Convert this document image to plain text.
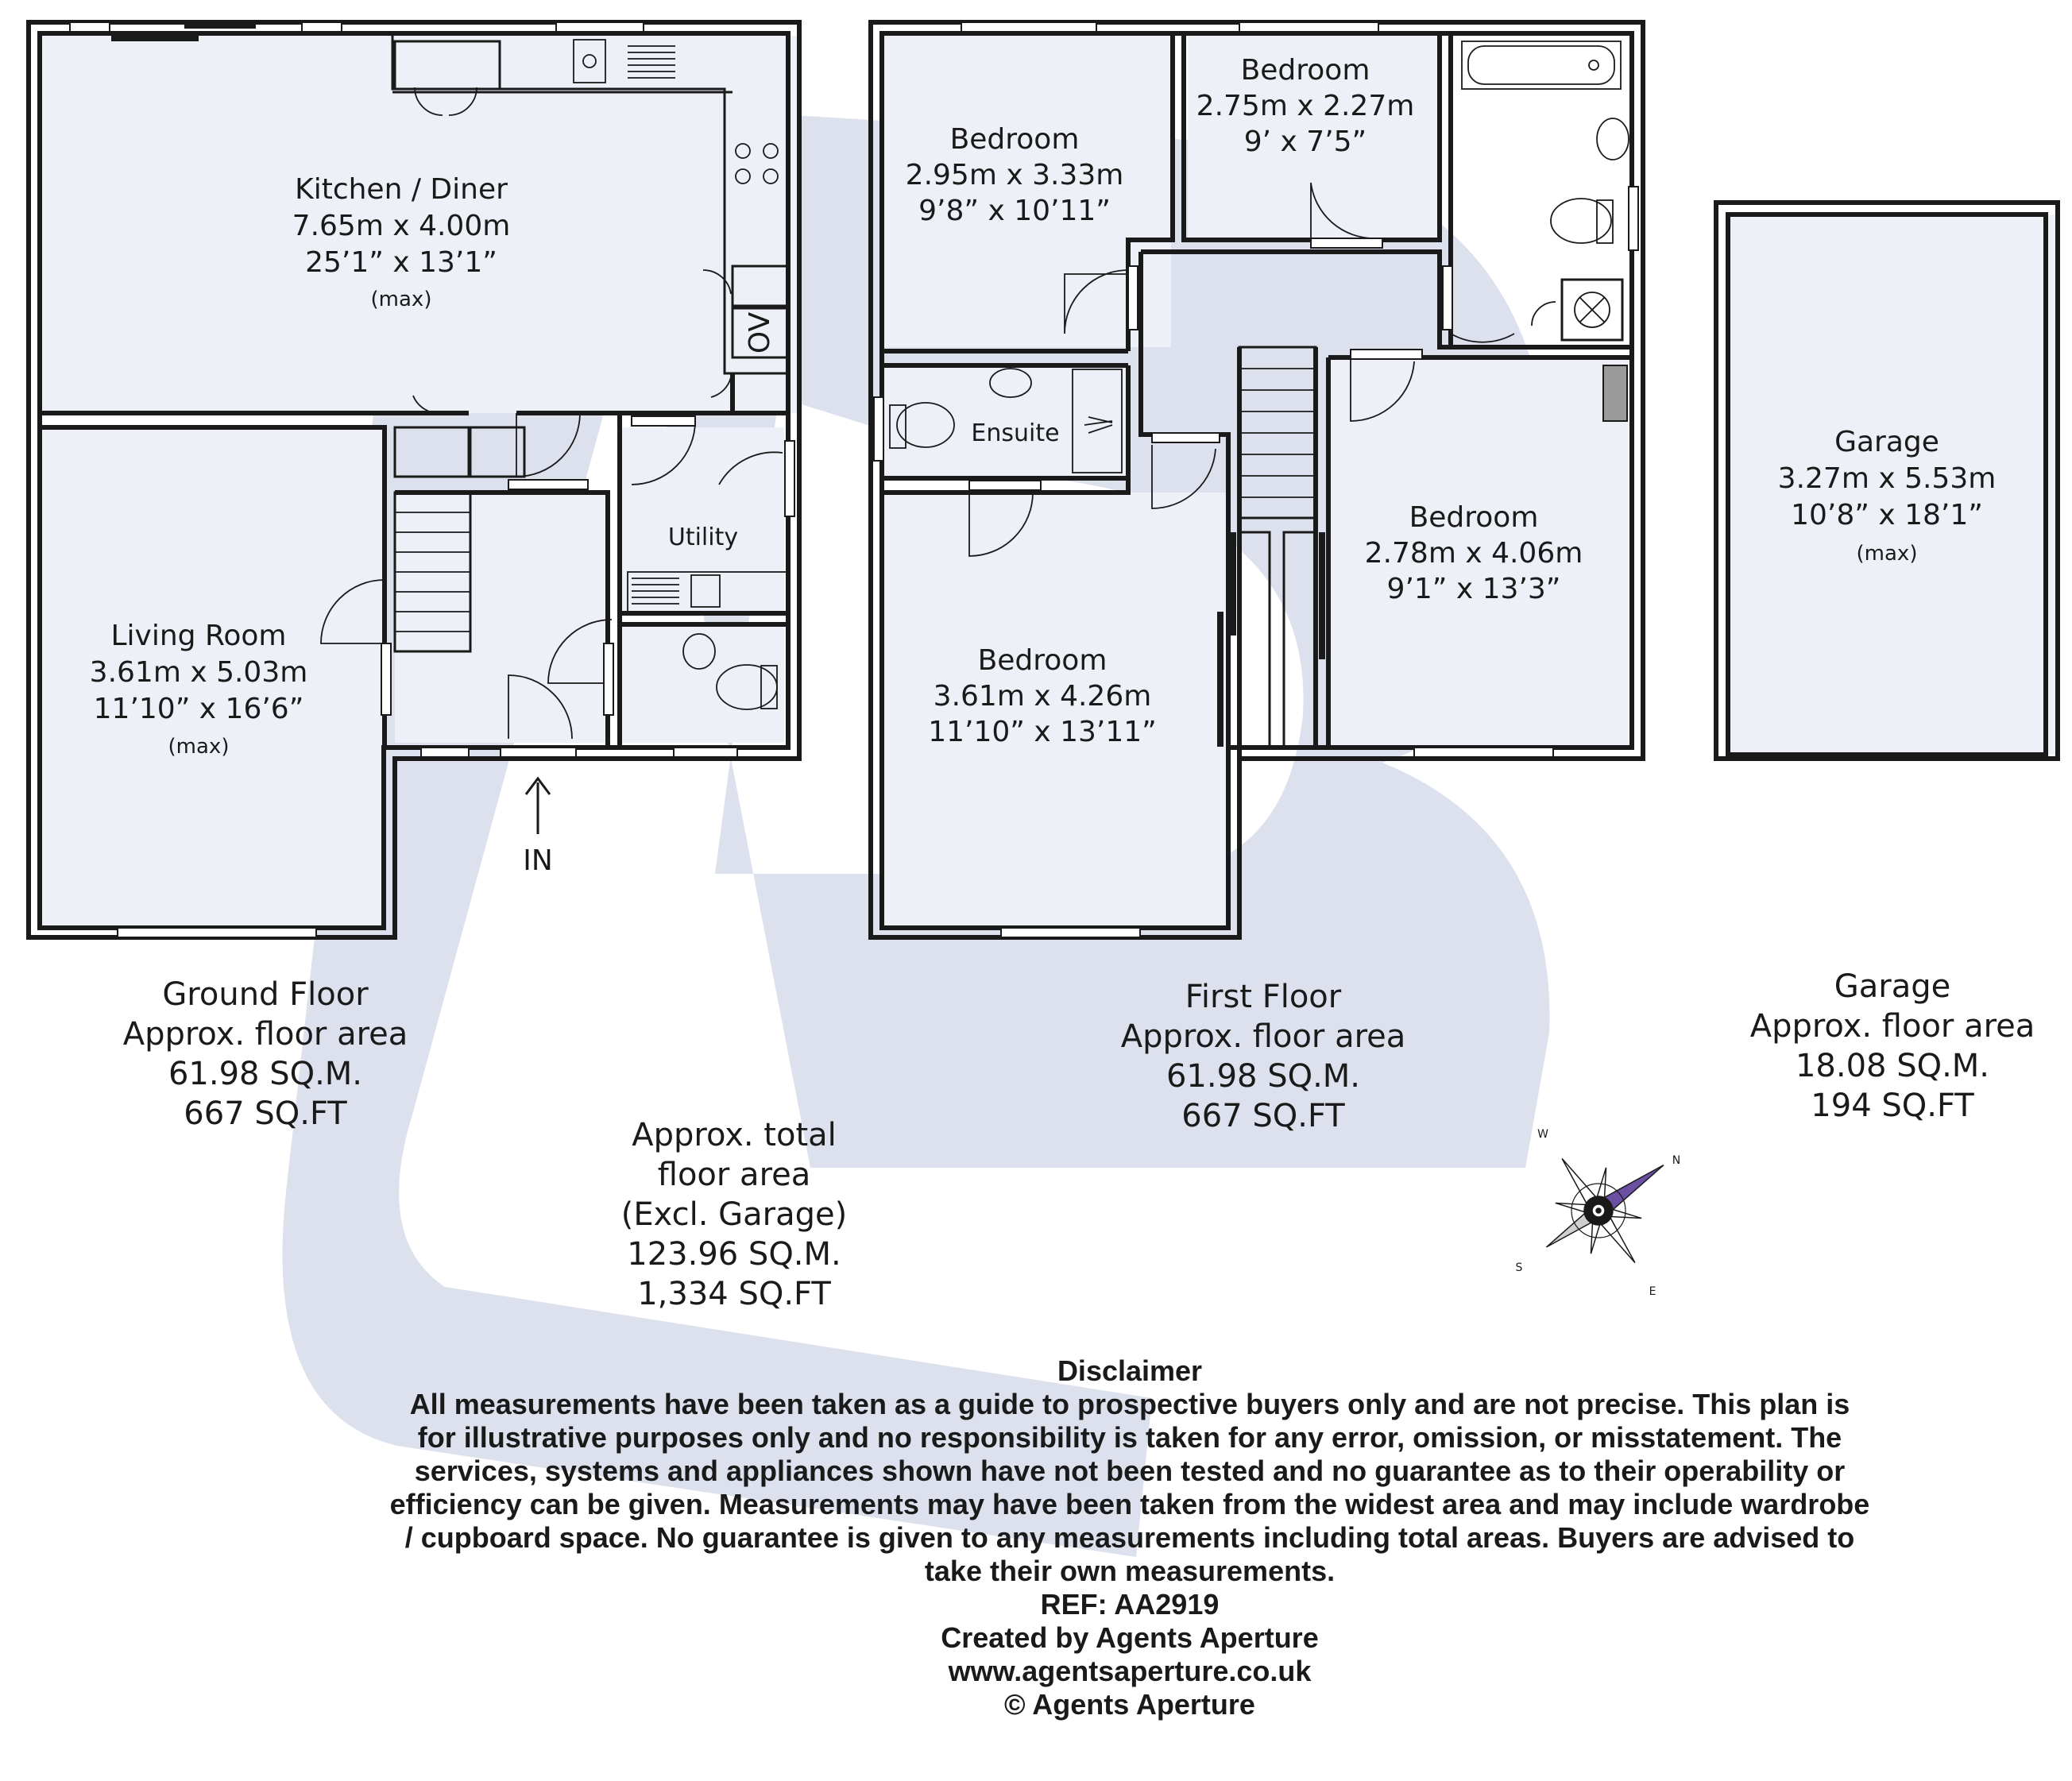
N
E
S
W
Kitchen / Diner
7.65m x 4.00m
25’1” x 13’1”
(max)
OV
Living Room
3.61m x 5.03m
11’10” x 16’6”
(max)
Utility
IN
Bedroom
2.95m x 3.33m
9’8” x 10’11”
Bedroom
2.75m x 2.27m
9’ x 7’5”
Ensuite
Bedroom
2.78m x 4.06m
9’1” x 13’3”
Bedroom
3.61m x 4.26m
11’10” x 13’11”
Garage
3.27m x 5.53m
10’8” x 18’1”
(max)
Ground Floor
Approx. floor area
61.98 SQ.M.
667 SQ.FT
First Floor
Approx. floor area
61.98 SQ.M.
667 SQ.FT
Garage
Approx. floor area
18.08 SQ.M.
194 SQ.FT
Approx. total
floor area
(Excl. Garage)
123.96 SQ.M.
1,334 SQ.FT
Disclaimer
All measurements have been taken as a guide to prospective buyers only and are not precise. This plan is
for illustrative purposes only and no responsibility is taken for any error, omission, or misstatement. The
services, systems and appliances shown have not been tested and no guarantee as to their operability or
efficiency can be given. Measurements may have been taken from the widest area and may include wardrobe
/ cupboard space. No guarantee is given to any measurements including total areas. Buyers are advised to
take their own measurements.
REF: AA2919
Created by Agents Aperture
www.agentsaperture.co.uk
© Agents Aperture
